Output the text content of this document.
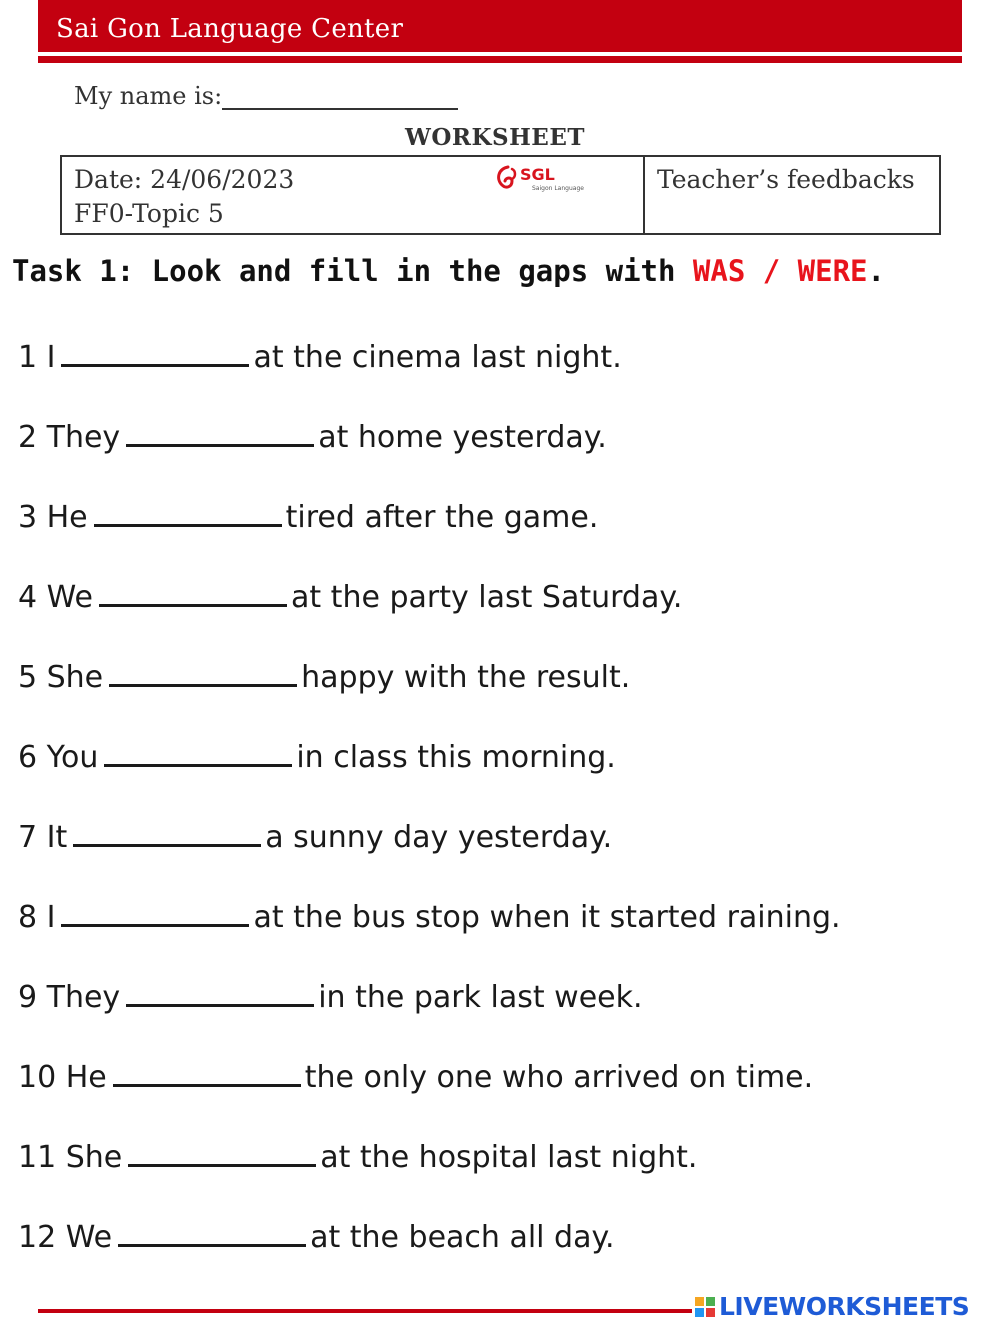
Sai Gon Language Center
My name is:
WORKSHEET
Date: 24/06/2023
FF0-Topic 5
SGL
Saigon Language	Teacher’s feedbacks
Task 1: Look and fill in the gaps with WAS / WERE.
1 I	at the cinema last night.
2 They	at home yesterday.
3 He	tired after the game.
4 We	at the party last Saturday.
5 She	happy with the result.
6 You	in class this morning.
7 It	a sunny day yesterday.
8 I	at the bus stop when it started raining.
9 They	in the park last week.
10 He	the only one who arrived on time.
11 She	at the hospital last night.
12 We	at the beach all day.
LIVEWORKSHEETS
